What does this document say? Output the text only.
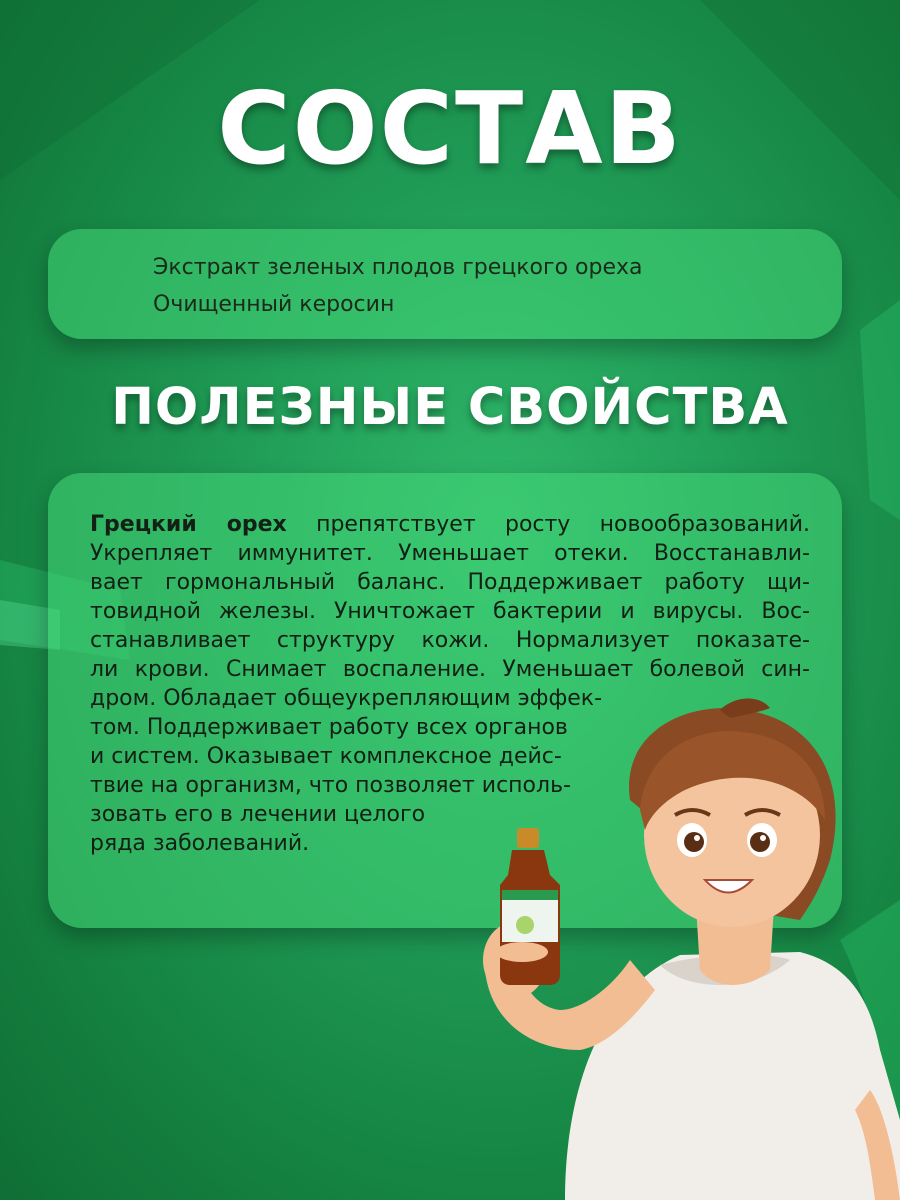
СОСТАВ
Экстракт зеленых плодов грецкого ореха
Очищенный керосин
ПОЛЕЗНЫЕ СВОЙСТВА
Грецкий орех препятствует росту новообразований.
Укрепляет иммунитет. Уменьшает отеки. Восстанавли-
вает гормональный баланс. Поддерживает работу щи-
товидной железы. Уничтожает бактерии и вирусы. Вос-
станавливает структуру кожи. Нормализует показате-
ли крови. Снимает воспаление. Уменьшает болевой син-
дром. Обладает общеукрепляющим эффек-
том. Поддерживает работу всех органов
и систем. Оказывает комплексное дейс-
твие на организм, что позволяет исполь-
зовать его в лечении целого
ряда заболеваний.
